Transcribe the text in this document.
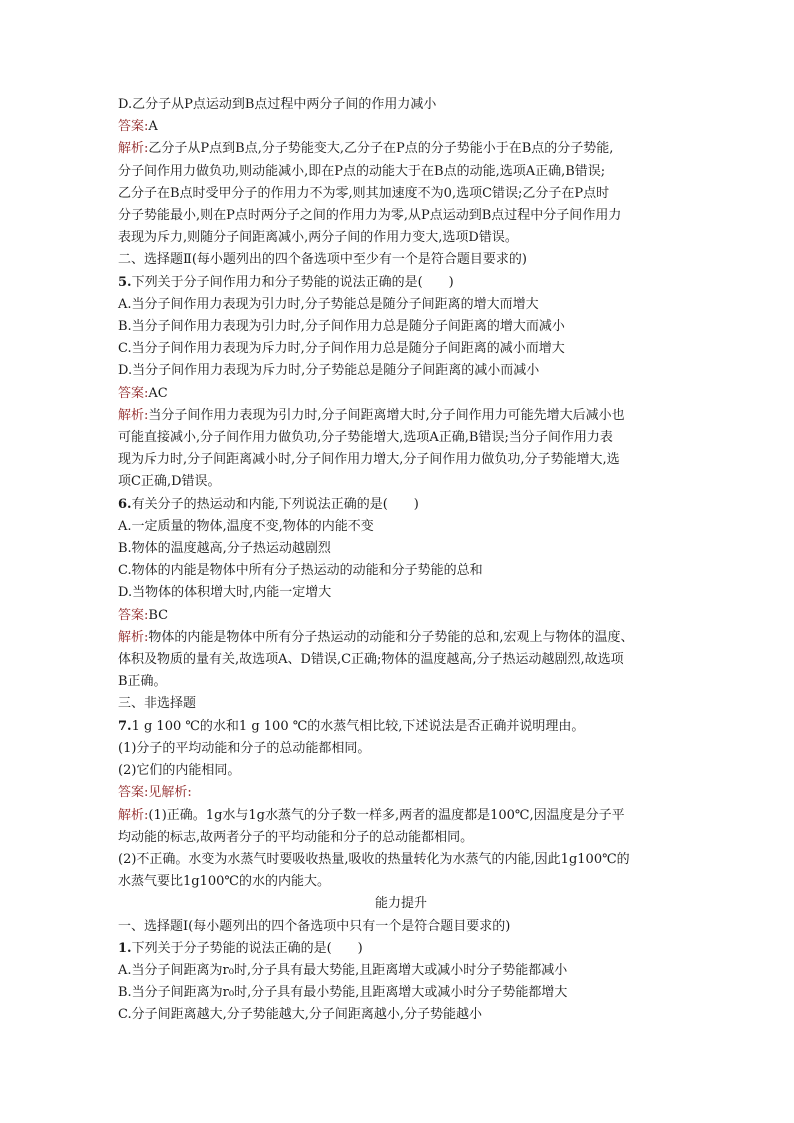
D.乙分子从P点运动到B点过程中两分子间的作用力减小
答案:A
解析:乙分子从P点到B点,分子势能变大,乙分子在P点的分子势能小于在B点的分子势能,
分子间作用力做负功,则动能减小,即在P点的动能大于在B点的动能,选项A正确,B错误;
乙分子在B点时受甲分子的作用力不为零,则其加速度不为0,选项C错误;乙分子在P点时
分子势能最小,则在P点时两分子之间的作用力为零,从P点运动到B点过程中分子间作用力
表现为斥力,则随分子间距离减小,两分子间的作用力变大,选项D错误。
二、选择题Ⅱ(每小题列出的四个备选项中至少有一个是符合题目要求的)
5.下列关于分子间作用力和分子势能的说法正确的是(　　)
A.当分子间作用力表现为引力时,分子势能总是随分子间距离的增大而增大
B.当分子间作用力表现为引力时,分子间作用力总是随分子间距离的增大而减小
C.当分子间作用力表现为斥力时,分子间作用力总是随分子间距离的减小而增大
D.当分子间作用力表现为斥力时,分子势能总是随分子间距离的减小而减小
答案:AC
解析:当分子间作用力表现为引力时,分子间距离增大时,分子间作用力可能先增大后减小也
可能直接减小,分子间作用力做负功,分子势能增大,选项A正确,B错误;当分子间作用力表
现为斥力时,分子间距离减小时,分子间作用力增大,分子间作用力做负功,分子势能增大,选
项C正确,D错误。
6.有关分子的热运动和内能,下列说法正确的是(　　)
A.一定质量的物体,温度不变,物体的内能不变
B.物体的温度越高,分子热运动越剧烈
C.物体的内能是物体中所有分子热运动的动能和分子势能的总和
D.当物体的体积增大时,内能一定增大
答案:BC
解析:物体的内能是物体中所有分子热运动的动能和分子势能的总和,宏观上与物体的温度、
体积及物质的量有关,故选项A、D错误,C正确;物体的温度越高,分子热运动越剧烈,故选项
B正确。
三、非选择题
7.1 g 100 ℃的水和1 g 100 ℃的水蒸气相比较,下述说法是否正确并说明理由。
(1)分子的平均动能和分子的总动能都相同。
(2)它们的内能相同。
答案:见解析:
解析:(1)正确。1g水与1g水蒸气的分子数一样多,两者的温度都是100℃,因温度是分子平
均动能的标志,故两者分子的平均动能和分子的总动能都相同。
(2)不正确。水变为水蒸气时要吸收热量,吸收的热量转化为水蒸气的内能,因此1g100℃的
水蒸气要比1g100℃的水的内能大。
能力提升
一、选择题Ⅰ(每小题列出的四个备选项中只有一个是符合题目要求的)
1.下列关于分子势能的说法正确的是(　　)
A.当分子间距离为r₀时,分子具有最大势能,且距离增大或减小时分子势能都减小
B.当分子间距离为r₀时,分子具有最小势能,且距离增大或减小时分子势能都增大
C.分子间距离越大,分子势能越大,分子间距离越小,分子势能越小
